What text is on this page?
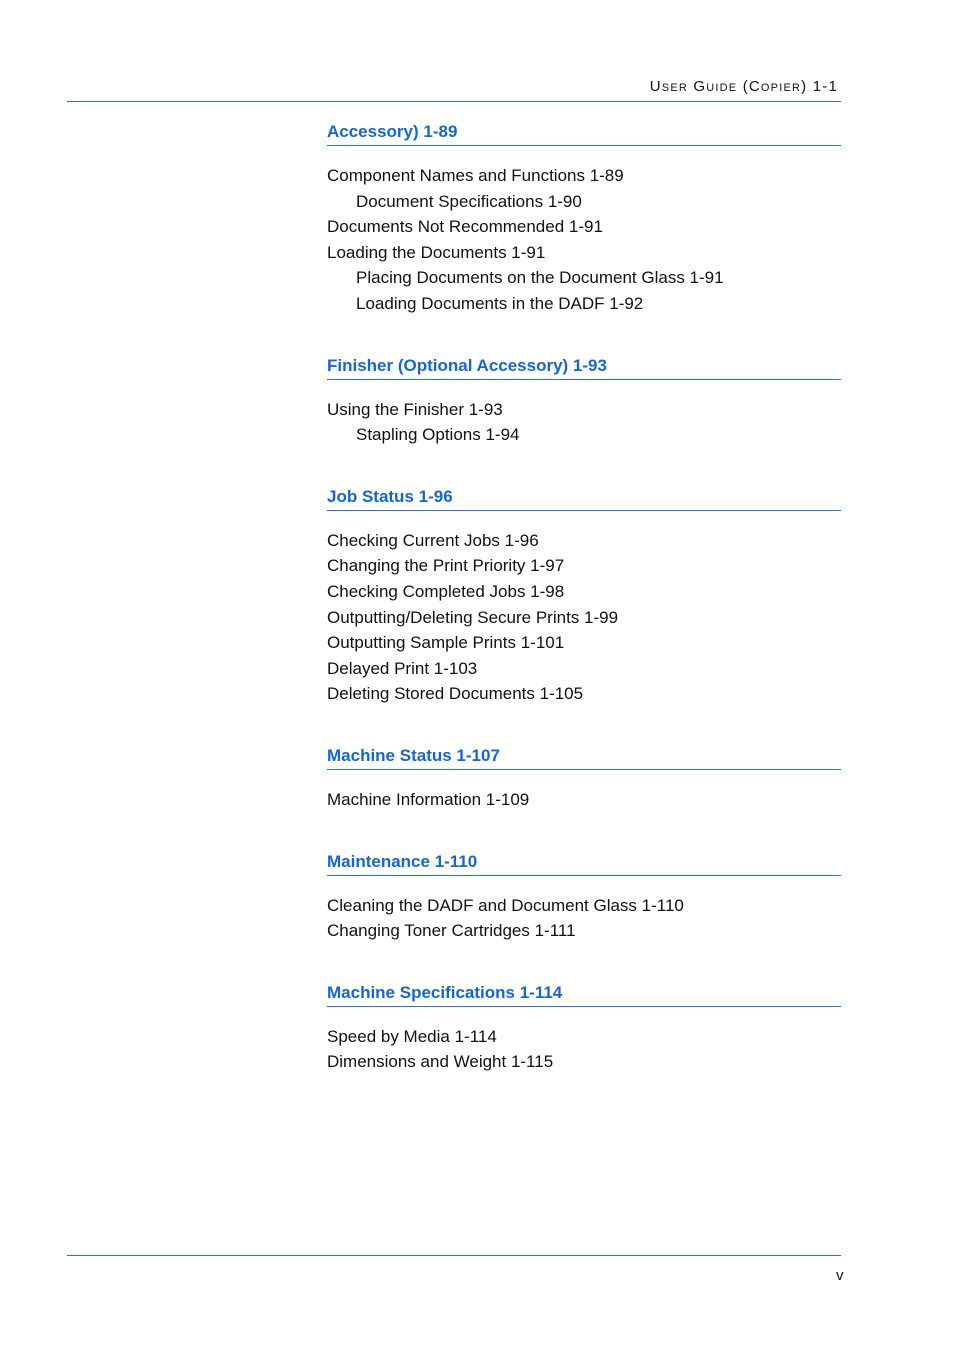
User Guide (Copier) 1-1
Accessory) 1-89
Component Names and Functions 1-89
Document Specifications 1-90
Documents Not Recommended 1-91
Loading the Documents 1-91
Placing Documents on the Document Glass 1-91
Loading Documents in the DADF 1-92
Finisher (Optional Accessory) 1-93
Using the Finisher 1-93
Stapling Options 1-94
Job Status 1-96
Checking Current Jobs 1-96
Changing the Print Priority 1-97
Checking Completed Jobs 1-98
Outputting/Deleting Secure Prints 1-99
Outputting Sample Prints 1-101
Delayed Print 1-103
Deleting Stored Documents 1-105
Machine Status 1-107
Machine Information 1-109
Maintenance 1-110
Cleaning the DADF and Document Glass 1-110
Changing Toner Cartridges 1-111
Machine Specifications 1-114
Speed by Media 1-114
Dimensions and Weight 1-115
v
